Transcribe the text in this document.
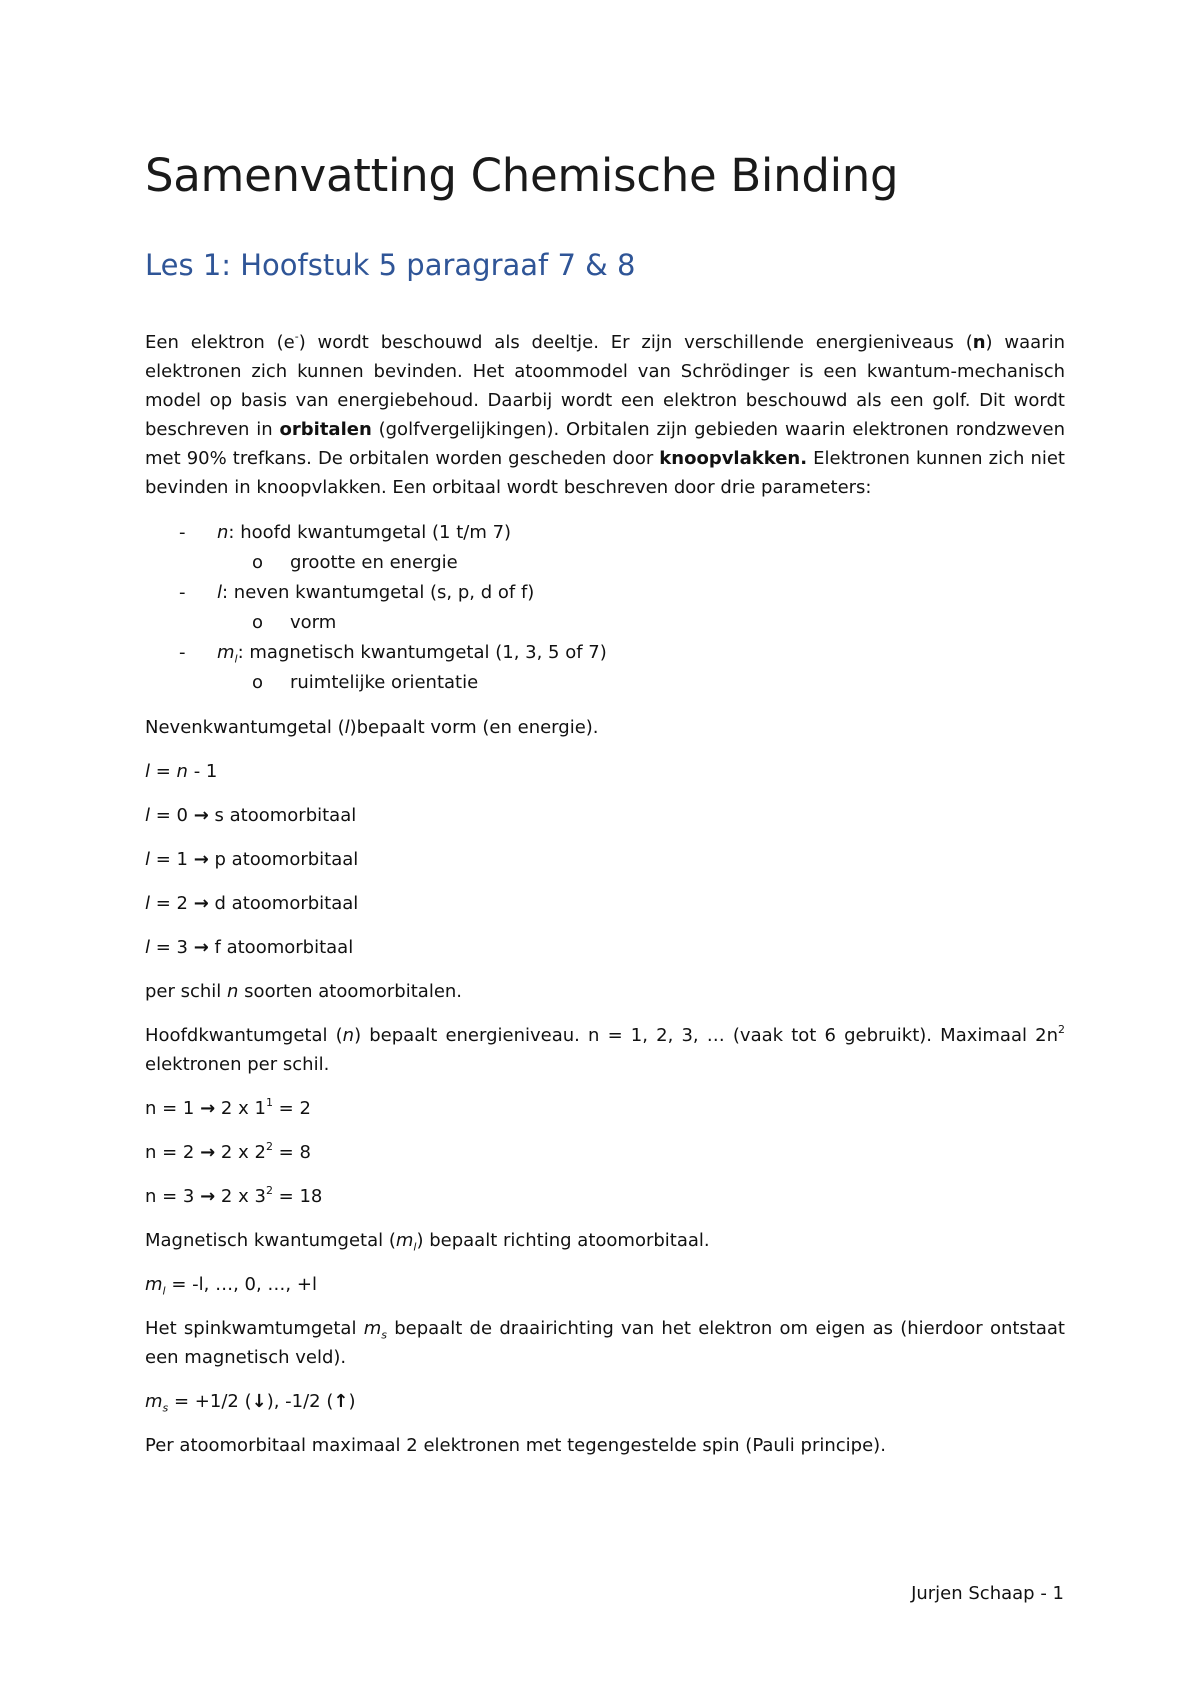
Samenvatting Chemische Binding
Les 1: Hoofstuk 5 paragraaf 7 & 8

Een elektron (e-) wordt beschouwd als deeltje. Er zijn verschillende energieniveaus (n) waarin elektronen zich kunnen bevinden. Het atoommodel van Schrödinger is een kwantum-mechanisch model op basis van energiebehoud. Daarbij wordt een elektron beschouwd als een golf. Dit wordt beschreven in orbitalen (golfvergelijkingen). Orbitalen zijn gebieden waarin elektronen rondzweven met 90% trefkans. De orbitalen worden gescheden door knoopvlakken. Elektronen kunnen zich niet bevinden in knoopvlakken. Een orbitaal wordt beschreven door drie parameters:

- n: hoofd kwantumgetal (1 t/m 7)
o grootte en energie
- l: neven kwantumgetal (s, p, d of f)
o vorm
- $m_l$: magnetisch kwantumgetal (1, 3, 5 of 7)
o ruimtelijke orientatie

Nevenkwantumgetal (l)bepaalt vorm (en energie).

l = n - 1

l = 0 → s atoomorbitaal

l = 1 → p atoomorbitaal

l = 2 → d atoomorbitaal

l = 3 → f atoomorbitaal

per schil n soorten atoomorbitalen.

Hoofdkwantumgetal (n) bepaalt energieniveau. n = 1, 2, 3, … (vaak tot 6 gebruikt). Maximaal $2n^2$ elektronen per schil.

n = 1 → 2 x $1^1 = 2$

n = 2 → 2 x $2^2 = 8$

n = 3 → 2 x $3^2 = 18$

Magnetisch kwantumgetal $(m_l)$ bepaalt richting atoomorbitaal.

$m_l = -l$, …, 0, …, +l

Het spinkwamtumgetal $m_s$ bepaalt de draairichting van het elektron om eigen as (hierdoor ontstaat een magnetisch veld).

$m_s = +1/2$ (↓), -1/2 (↑)

Per atoomorbitaal maximaal 2 elektronen met tegengestelde spin (Pauli principe).

Jurjen Schaap - 1
